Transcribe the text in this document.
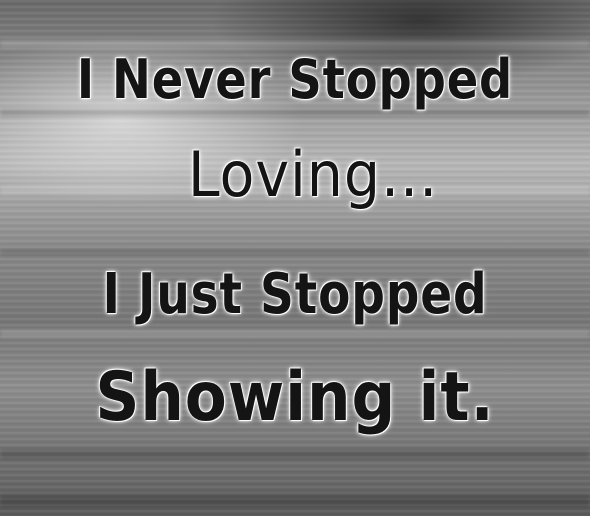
I Never Stopped
Loving...
I Just Stopped
Showing it.
